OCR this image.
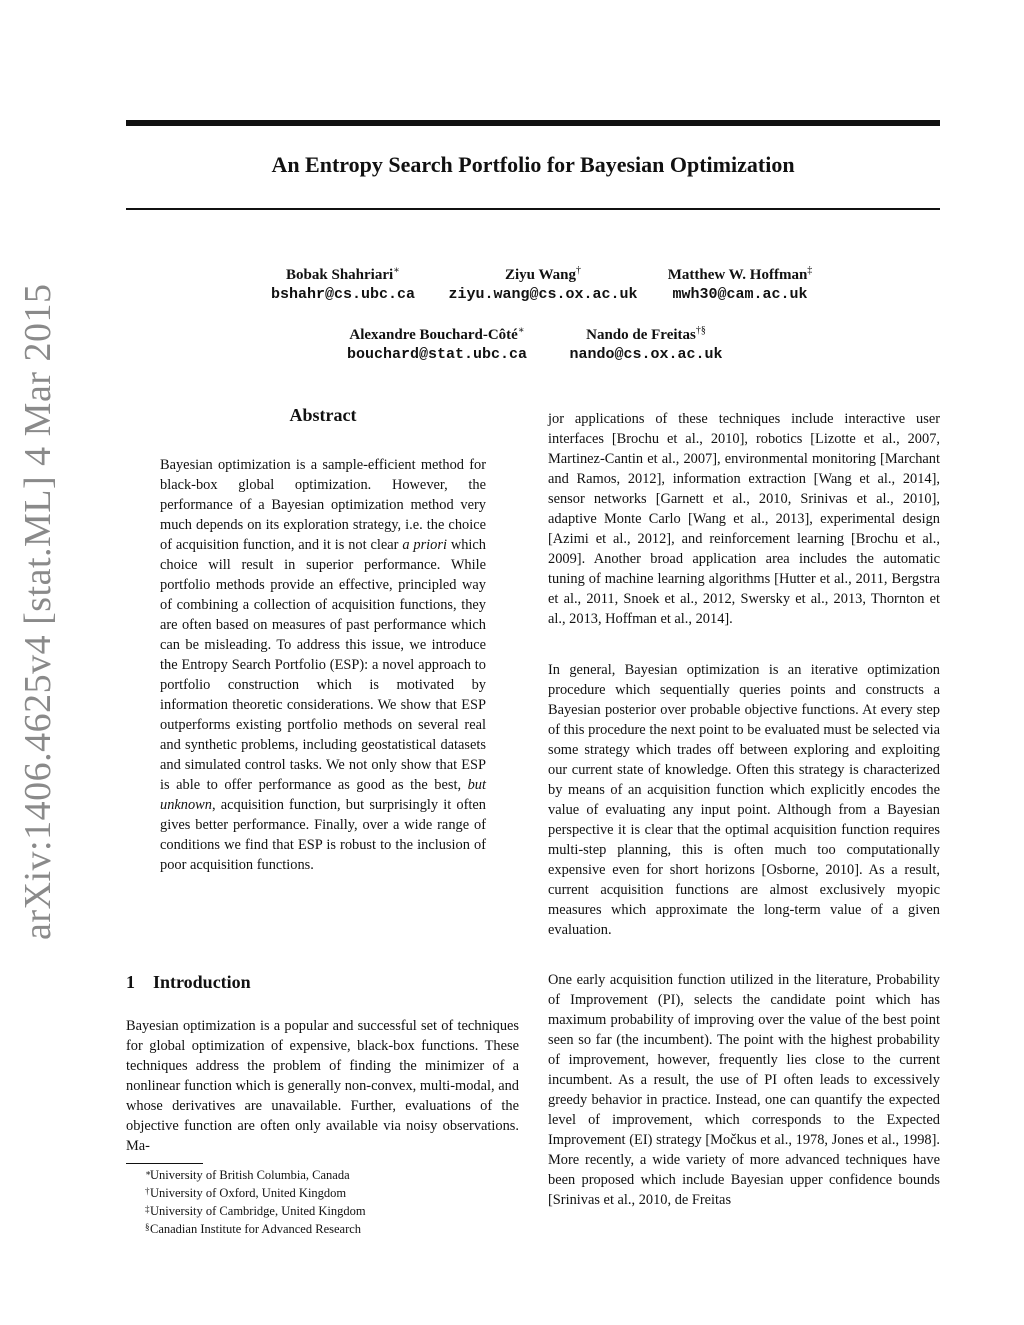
arXiv:1406.4625v4 [stat.ML] 4 Mar 2015
An Entropy Search Portfolio for Bayesian Optimization
Bobak Shahriari∗
bshahr@cs.ubc.ca
Ziyu Wang†
ziyu.wang@cs.ox.ac.uk
Matthew W. Hoffman‡
mwh30@cam.ac.uk
Alexandre Bouchard-Côté∗
bouchard@stat.ubc.ca
Nando de Freitas†§
nando@cs.ox.ac.uk
Abstract
Bayesian optimization is a sample-efficient method for black-box global optimization. However, the performance of a Bayesian optimization method very much depends on its exploration strategy, i.e. the choice of acquisition function, and it is not clear a priori which choice will result in superior performance. While portfolio methods provide an effective, principled way of combining a collection of acquisition functions, they are often based on measures of past performance which can be misleading. To address this issue, we introduce the Entropy Search Portfolio (ESP): a novel approach to portfolio construction which is motivated by information theoretic considerations. We show that ESP outperforms existing portfolio methods on several real and synthetic problems, including geostatistical datasets and simulated control tasks. We not only show that ESP is able to offer performance as good as the best, but unknown, acquisition function, but surprisingly it often gives better performance. Finally, over a wide range of conditions we find that ESP is robust to the inclusion of poor acquisition functions.
1 Introduction
Bayesian optimization is a popular and successful set of techniques for global optimization of expensive, black-box functions. These techniques address the problem of finding the minimizer of a nonlinear function which is generally non-convex, multi-modal, and whose derivatives are unavailable. Further, evaluations of the objective function are often only available via noisy observations. Ma-
∗
University of British Columbia, Canada
† University of Oxford, United Kingdom
‡ University of Cambridge, United Kingdom
§ Canadian Institute for Advanced Research
jor applications of these techniques include interactive user interfaces [Brochu et al., 2010], robotics [Lizotte et al., 2007, Martinez-Cantin et al., 2007], environmental monitoring [Marchant and Ramos, 2012], information extraction [Wang et al., 2014], sensor networks [Garnett et al., 2010, Srinivas et al., 2010], adaptive Monte Carlo [Wang et al., 2013], experimental design [Azimi et al., 2012], and reinforcement learning [Brochu et al., 2009]. Another broad application area includes the automatic tuning of machine learning algorithms [Hutter et al., 2011, Bergstra et al., 2011, Snoek et al., 2012, Swersky et al., 2013, Thornton et al., 2013, Hoffman et al., 2014].
In general, Bayesian optimization is an iterative optimization procedure which sequentially queries points and constructs a Bayesian posterior over probable objective functions. At every step of this procedure the next point to be evaluated must be selected via some strategy which trades off between exploring and exploiting our current state of knowledge. Often this strategy is characterized by means of an acquisition function which explicitly encodes the value of evaluating any input point. Although from a Bayesian perspective it is clear that the optimal acquisition function requires multi-step planning, this is often much too computationally expensive even for short horizons [Osborne, 2010]. As a result, current acquisition functions are almost exclusively myopic measures which approximate the long-term value of a given evaluation.
One early acquisition function utilized in the literature, Probability of Improvement (PI), selects the candidate point which has maximum probability of improving over the value of the best point seen so far (the incumbent). The point with the highest probability of improvement, however, frequently lies close to the current incumbent. As a result, the use of PI often leads to excessively greedy behavior in practice. Instead, one can quantify the expected level of improvement, which corresponds to the Expected Improvement (EI) strategy [Močkus et al., 1978, Jones et al., 1998]. More recently, a wide variety of more advanced techniques have been proposed which include Bayesian upper confidence bounds [Srinivas et al., 2010, de Freitas
